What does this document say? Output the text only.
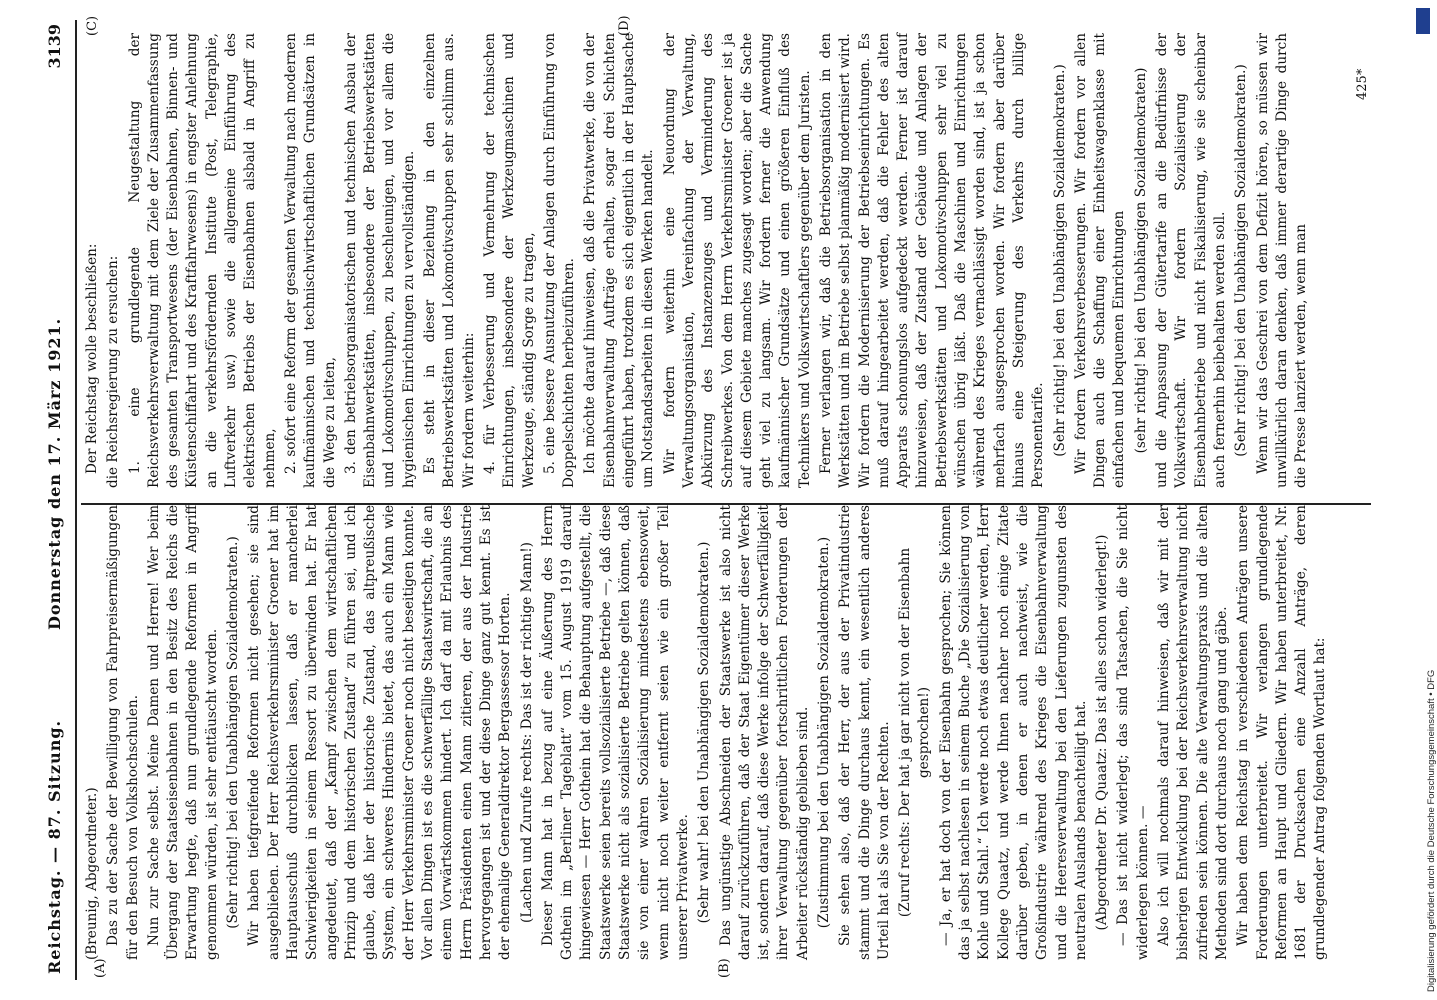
Reichstag. — 87. Sitzung.
Donnerstag den 17. März 1921.
3139
(A)	(B)
(C)	(D)

(Breunig, Abgeordneter.) Das zu der Sache der Bewilligung von Fahrpreisermäßigungen für den Besuch von Volkshochschulen. Nun zur Sache selbst. Meine Damen und Herren! Wer beim Übergang der Staatseisenbahnen in den Besitz des Reichs die Erwartung hegte, daß nun grundlegende Reformen in Angriff genommen würden, ist sehr enttäuscht worden. (Sehr richtig! bei den Unabhängigen Sozialdemokraten.) Wir haben tiefgreifende Reformen nicht gesehen; sie sind ausgeblieben. Der Herr Reichsverkehrsminister Groener hat im Hauptausschuß durchblicken lassen, daß er mancherlei Schwierigkeiten in seinem Ressort zu überwinden hat. Er hat angedeutet, daß der „Kampf zwischen dem wirtschaftlichen Prinzip und dem historischen Zustand“ zu führen sei, und ich glaube, daß hier der historische Zustand, das altpreußische System, ein schweres Hindernis bietet, das auch ein Mann wie der Herr Verkehrsminister Groener noch nicht beseitigen konnte. Vor allen Dingen ist es die schwerfällige Staatswirtschaft, die an einem Vorwärtskommen hindert. Ich darf da mit Erlaubnis des Herrn Präsidenten einen Mann zitieren, der aus der Industrie hervorgegangen ist und der diese Dinge ganz gut kennt. Es ist der ehemalige Generaldirektor Bergassessor Horten. (Lachen und Zurufe rechts: Das ist der richtige Mann!) Dieser Mann hat in bezug auf eine Äußerung des Herrn Gothein im „Berliner Tageblatt“ vom 15. August 1919 darauf hingewiesen — Herr Gothein hat die Behauptung aufgestellt, die Staatswerke seien bereits vollsozialisierte Betriebe —, daß diese Staatswerke nicht als sozialisierte Betriebe gelten können, daß sie von einer wahren Sozialisierung mindestens ebensoweit, wenn nicht noch weiter entfernt seien wie ein großer Teil unserer Privatwerke. (Sehr wahr! bei den Unabhängigen Sozialdemokraten.) Das ungünstige Abschneiden der Staatswerke ist also nicht darauf zurückzuführen, daß der Staat Eigentümer dieser Werke ist, sondern darauf, daß diese Werke infolge der Schwerfälligkeit ihrer Verwaltung gegenüber fortschrittlichen Forderungen der Arbeiter rückständig geblieben sind. (Zustimmung bei den Unabhängigen Sozialdemokraten.) Sie sehen also, daß der Herr, der aus der Privatindustrie stammt und die Dinge durchaus kennt, ein wesentlich anderes Urteil hat als Sie von der Rechten. (Zuruf rechts: Der hat ja gar nicht von der Eisenbahn gesprochen!) — Ja, er hat doch von der Eisenbahn gesprochen; Sie können das ja selbst nachlesen in seinem Buche „Die Sozialisierung von Kohle und Stahl.“ Ich werde noch etwas deutlicher werden, Herr Kollege Quaatz, und werde Ihnen nachher noch einige Zitate darüber geben, in denen er auch nachweist, wie die Großindustrie während des Krieges die Eisenbahnverwaltung und die Heeresverwaltung bei den Lieferungen zugunsten des neutralen Auslands benachteiligt hat. (Abgeordneter Dr. Quaatz: Das ist alles schon widerlegt!) — Das ist nicht widerlegt; das sind Tatsachen, die Sie nicht widerlegen können. — Also ich will nochmals darauf hinweisen, daß wir mit der bisherigen Entwicklung bei der Reichsverkehrsverwaltung nicht zufrieden sein können. Die alte Verwaltungspraxis und die alten Methoden sind dort durchaus noch gang und gäbe. Wir haben dem Reichstag in verschiedenen Anträgen unsere Forderungen unterbreitet. Wir verlangen grundlegende Reformen an Haupt und Gliedern. Wir haben unterbreitet, Nr. 1681 der Drucksachen eine Anzahl Anträge, deren grundlegender Antrag folgenden Wortlaut hat:

Der Reichstag wolle beschließen: die Reichsregierung zu ersuchen: 1. eine grundlegende Neugestaltung der Reichsverkehrsverwaltung mit dem Ziele der Zusammenfassung des gesamten Transportwesens (der Eisenbahnen, Binnen- und Küstenschiffahrt und des Kraftfahrwesens) in engster Anlehnung an die verkehrsfördernden Institute (Post, Telegraphie, Luftverkehr usw.) sowie die allgemeine Einführung des elektrischen Betriebs der Eisenbahnen alsbald in Angriff zu nehmen, 2. sofort eine Reform der gesamten Verwaltung nach modernen kaufmännischen und technischwirtschaftlichen Grundsätzen in die Wege zu leiten, 3. den betriebsorganisatorischen und technischen Ausbau der Eisenbahnwerkstätten, insbesondere der Betriebswerkstätten und Lokomotivschuppen, zu beschleunigen, und vor allem die hygienischen Einrichtungen zu vervollständigen. Es steht in dieser Beziehung in den einzelnen Betriebswerkstätten und Lokomotivschuppen sehr schlimm aus. Wir fordern weiterhin: 4. für Verbesserung und Vermehrung der technischen Einrichtungen, insbesondere der Werkzeugmaschinen und Werkzeuge, ständig Sorge zu tragen, 5. eine bessere Ausnutzung der Anlagen durch Einführung von Doppelschichten herbeizuführen. Ich möchte darauf hinweisen, daß die Privatwerke, die von der Eisenbahnverwaltung Aufträge erhalten, sogar drei Schichten eingeführt haben, trotzdem es sich eigentlich in der Hauptsache um Notstandsarbeiten in diesen Werken handelt. Wir fordern weiterhin eine Neuordnung der Verwaltungsorganisation, Vereinfachung der Verwaltung, Abkürzung des Instanzenzuges und Verminderung des Schreibwerkes. Von dem Herrn Verkehrsminister Groener ist ja auf diesem Gebiete manches zugesagt worden; aber die Sache geht viel zu langsam. Wir fordern ferner die Anwendung kaufmännischer Grundsätze und einen größeren Einfluß des Technikers und Volkswirtschaftlers gegenüber dem Juristen. Ferner verlangen wir, daß die Betriebsorganisation in den Werkstätten und im Betriebe selbst planmäßig modernisiert wird. Wir fordern die Modernisierung der Betriebseinrichtungen. Es muß darauf hingearbeitet werden, daß die Fehler des alten Apparats schonungslos aufgedeckt werden. Ferner ist darauf hinzuweisen, daß der Zustand der Gebäude und Anlagen der Betriebswerkstätten und Lokomotivschuppen sehr viel zu wünschen übrig läßt. Daß die Maschinen und Einrichtungen während des Krieges vernachlässigt worden sind, ist ja schon mehrfach ausgesprochen worden. Wir fordern aber darüber hinaus eine Steigerung des Verkehrs durch billige Personentarife. (Sehr richtig! bei den Unabhängigen Sozialdemokraten.) Wir fordern Verkehrsverbesserungen. Wir fordern vor allen Dingen auch die Schaffung einer Einheitswagenklasse mit einfachen und bequemen Einrichtungen (sehr richtig! bei den Unabhängigen Sozialdemokraten) und die Anpassung der Gütertarife an die Bedürfnisse der Volkswirtschaft. Wir fordern Sozialisierung der Eisenbahnbetriebe und nicht Fiskalisierung, wie sie scheinbar auch fernerhin beibehalten werden soll. (Sehr richtig! bei den Unabhängigen Sozialdemokraten.) Wenn wir das Geschrei von dem Defizit hören, so müssen wir unwillkürlich daran denken, daß immer derartige Dinge durch die Presse lanziert werden, wenn man

425*
Digitalisierung gefördert durch die Deutsche Forschungsgemeinschaft • DFG
